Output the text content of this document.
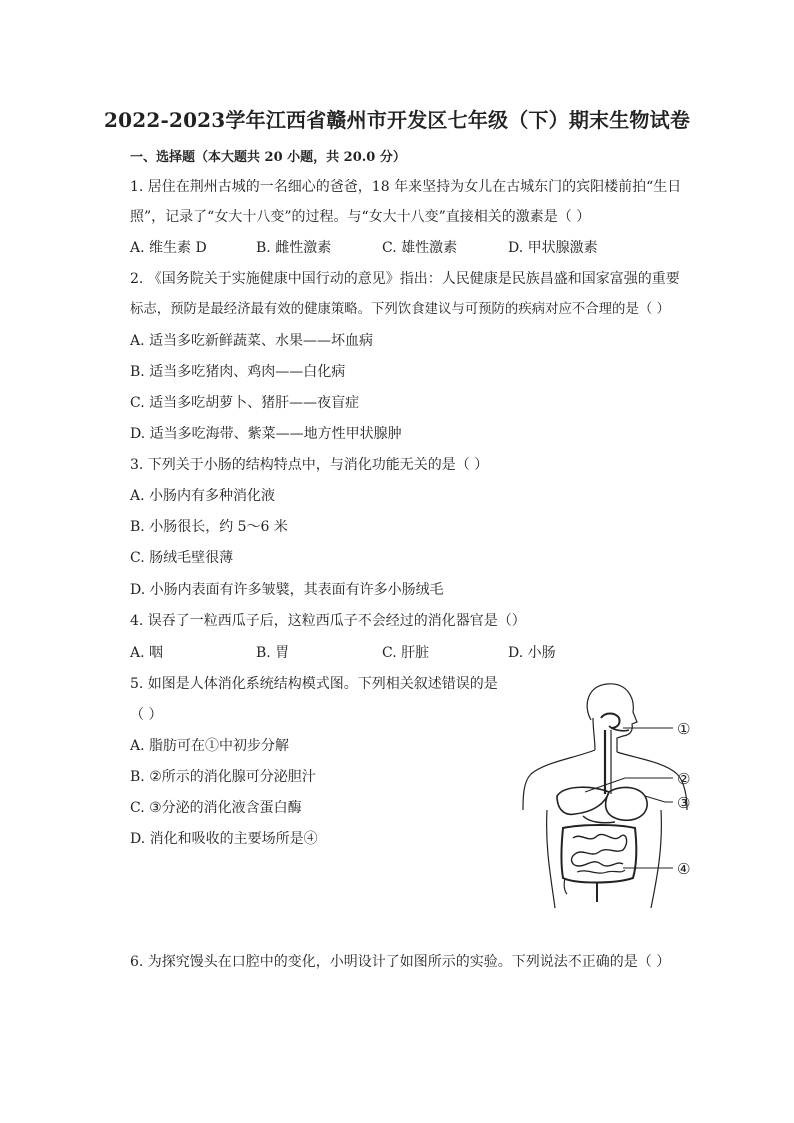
2022-2023学年江西省赣州市开发区七年级（下）期末生物试卷
一、选择题（本大题共 20 小题，共 20.0 分）
1. 居住在荆州古城的一名细心的爸爸，18 年来坚持为女儿在古城东门的宾阳楼前拍“生日
照”，记录了“女大十八变”的过程。与“女大十八变”直接相关的激素是（ ）
A. 维生素 D	B. 雌性激素	C. 雄性激素	D. 甲状腺激素
2. 《国务院关于实施健康中国行动的意见》指出：人民健康是民族昌盛和国家富强的重要
标志，预防是最经济最有效的健康策略。下列饮食建议与可预防的疾病对应不合理的是（ ）
A. 适当多吃新鲜蔬菜、水果——坏血病
B. 适当多吃猪肉、鸡肉——白化病
C. 适当多吃胡萝卜、猪肝——夜盲症
D. 适当多吃海带、紫菜——地方性甲状腺肿
3. 下列关于小肠的结构特点中，与消化功能无关的是（ ）
A. 小肠内有多种消化液
B. 小肠很长，约 5～6 米
C. 肠绒毛壁很薄
D. 小肠内表面有许多皱襞，其表面有许多小肠绒毛
4. 误吞了一粒西瓜子后，这粒西瓜子不会经过的消化器官是（）
A. 咽	B. 胃	C. 肝脏	D. 小肠
5. 如图是人体消化系统结构模式图。下列相关叙述错误的是
（ ）
A. 脂肪可在①中初步分解
B. ②所示的消化腺可分泌胆汁
C. ③分泌的消化液含蛋白酶
D. 消化和吸收的主要场所是④
①
②
③
④
6. 为探究馒头在口腔中的变化，小明设计了如图所示的实验。下列说法不正确的是（ ）
